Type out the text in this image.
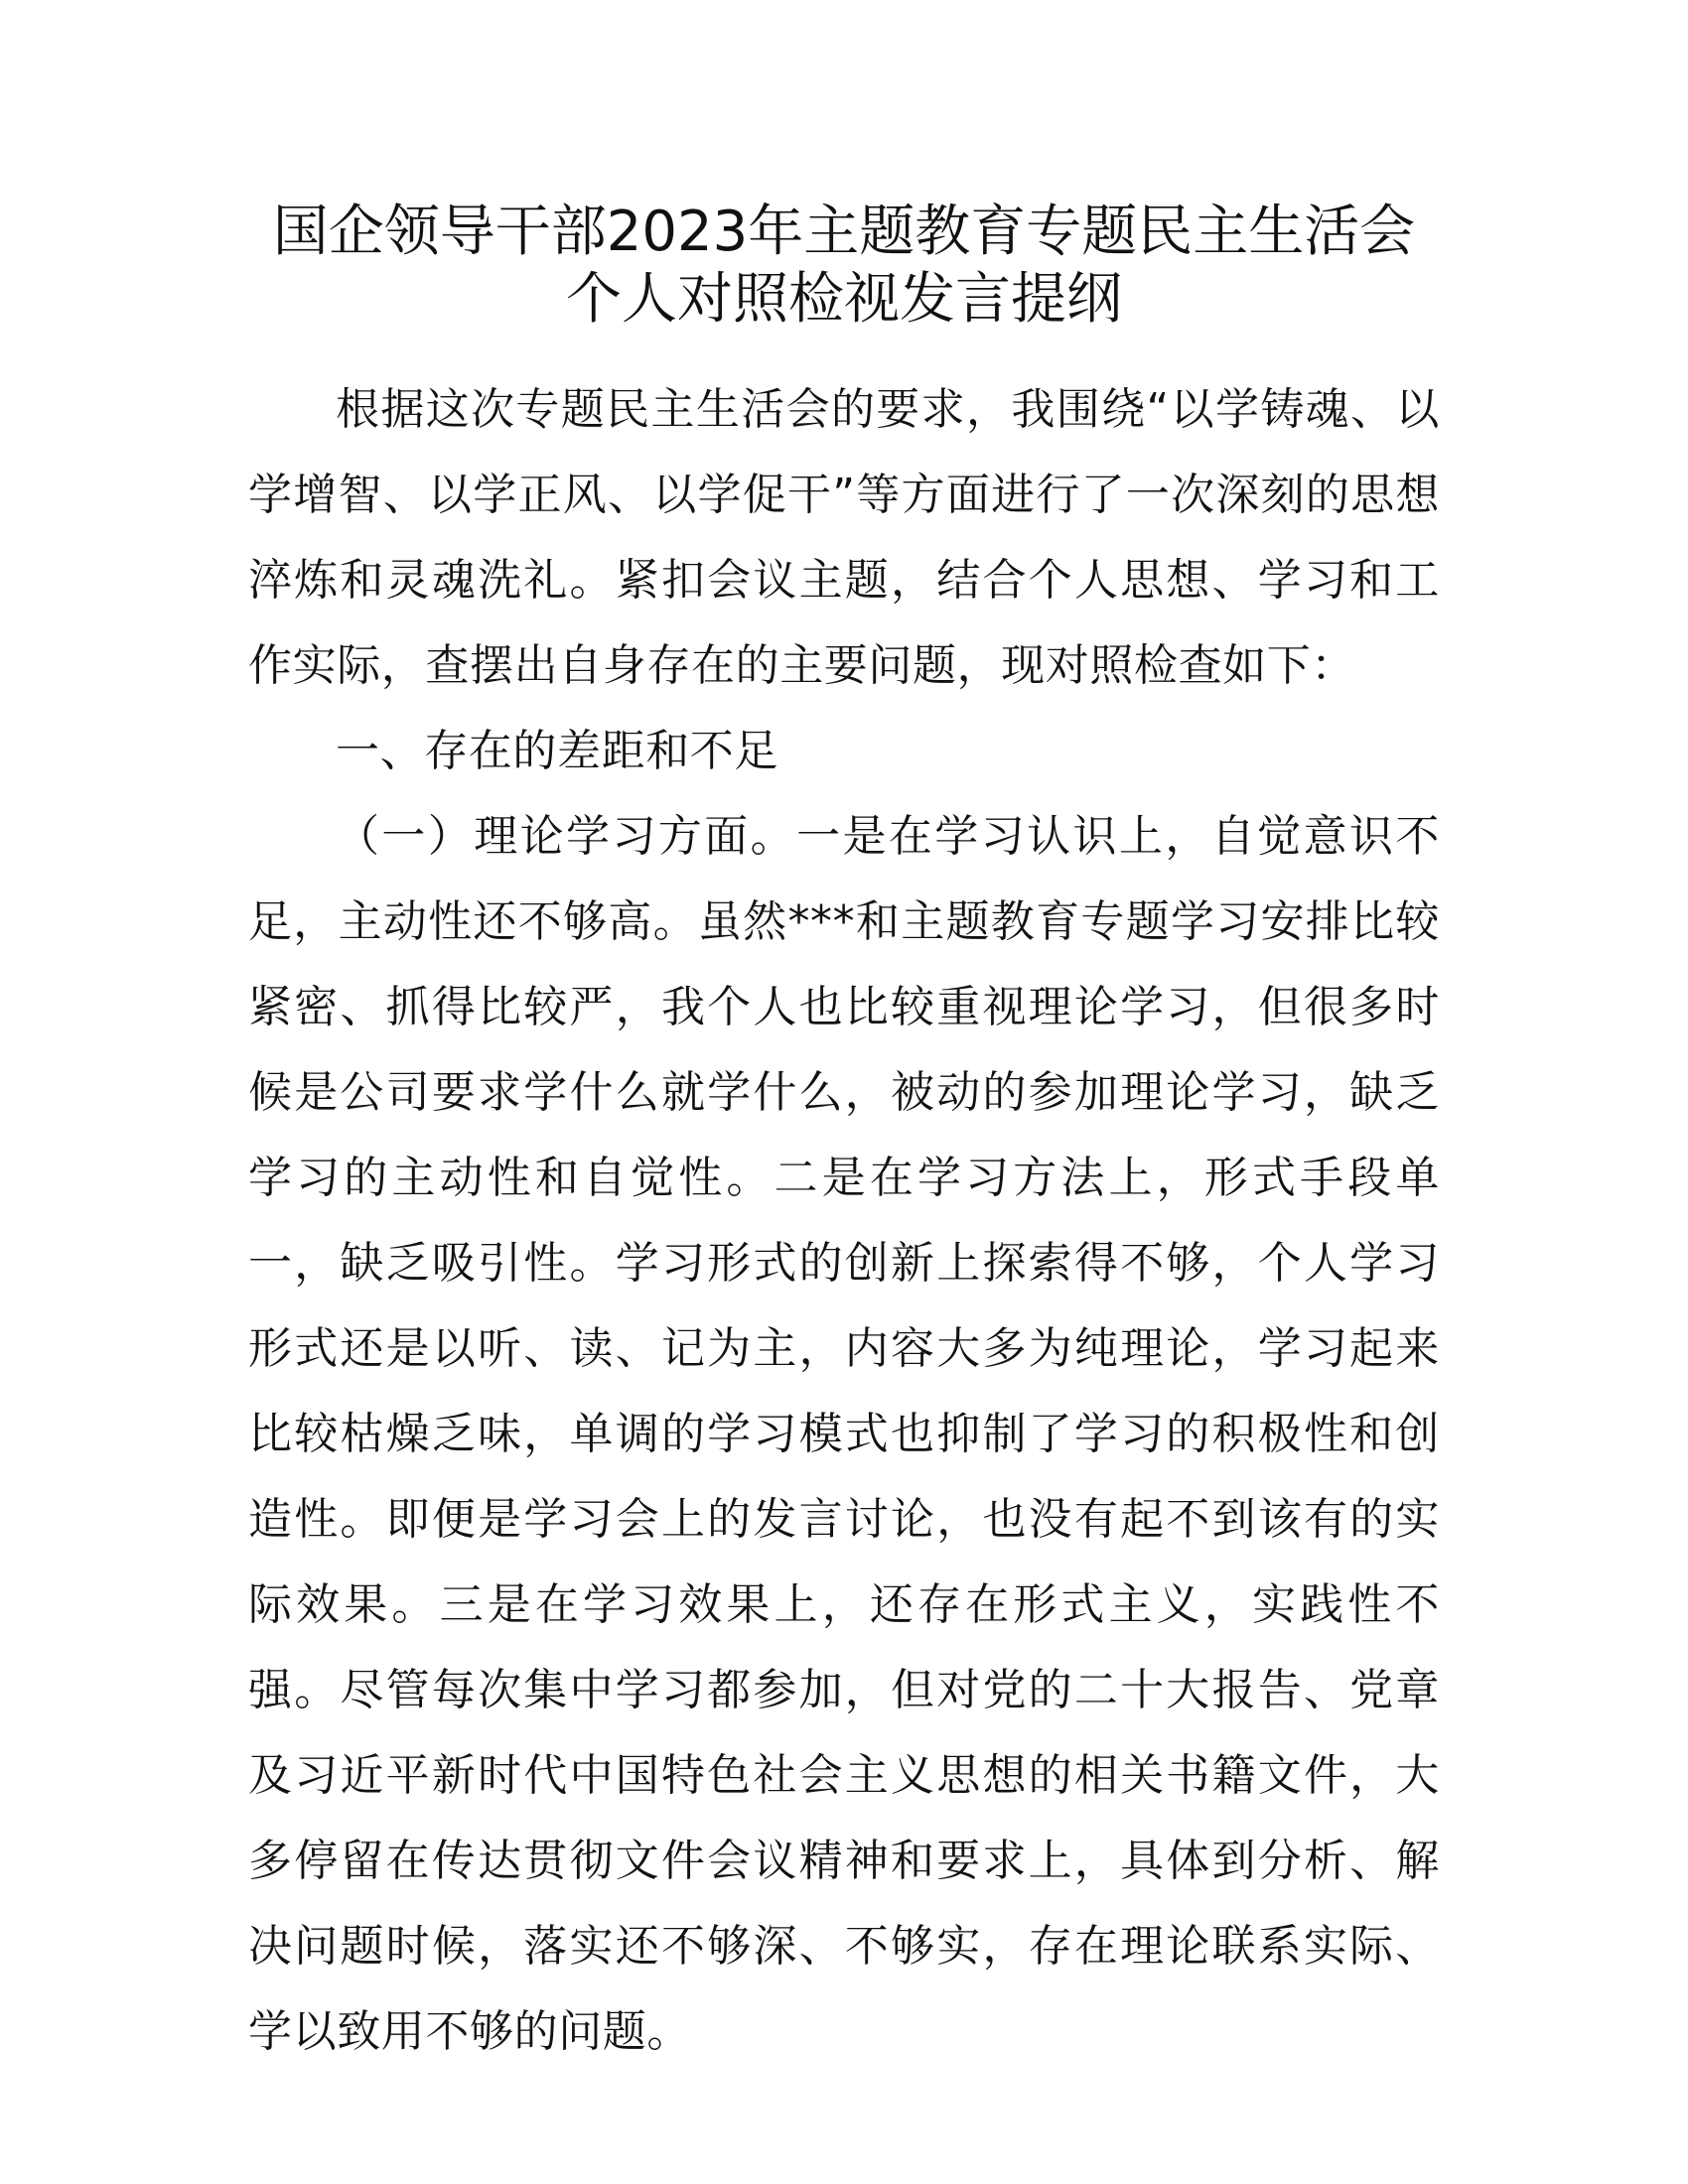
国企领导干部2023年主题教育专题民主生活会
个人对照检视发言提纲

根据这次专题民主生活会的要求，我围绕“以学铸魂、以学增智、以学正风、以学促干”等方面进行了一次深刻的思想淬炼和灵魂洗礼。紧扣会议主题，结合个人思想、学习和工作实际，查摆出自身存在的主要问题，现对照检查如下：

一、存在的差距和不足

（一）理论学习方面。一是在学习认识上，自觉意识不足，主动性还不够高。虽然***和主题教育专题学习安排比较紧密、抓得比较严，我个人也比较重视理论学习，但很多时候是公司要求学什么就学什么，被动的参加理论学习，缺乏学习的主动性和自觉性。二是在学习方法上，形式手段单一，缺乏吸引性。学习形式的创新上探索得不够，个人学习形式还是以听、读、记为主，内容大多为纯理论，学习起来比较枯燥乏味，单调的学习模式也抑制了学习的积极性和创造性。即便是学习会上的发言讨论，也没有起不到该有的实际效果。三是在学习效果上，还存在形式主义，实践性不强。尽管每次集中学习都参加，但对党的二十大报告、党章及习近平新时代中国特色社会主义思想的相关书籍文件，大多停留在传达贯彻文件会议精神和要求上，具体到分析、解决问题时候，落实还不够深、不够实，存在理论联系实际、学以致用不够的问题。
